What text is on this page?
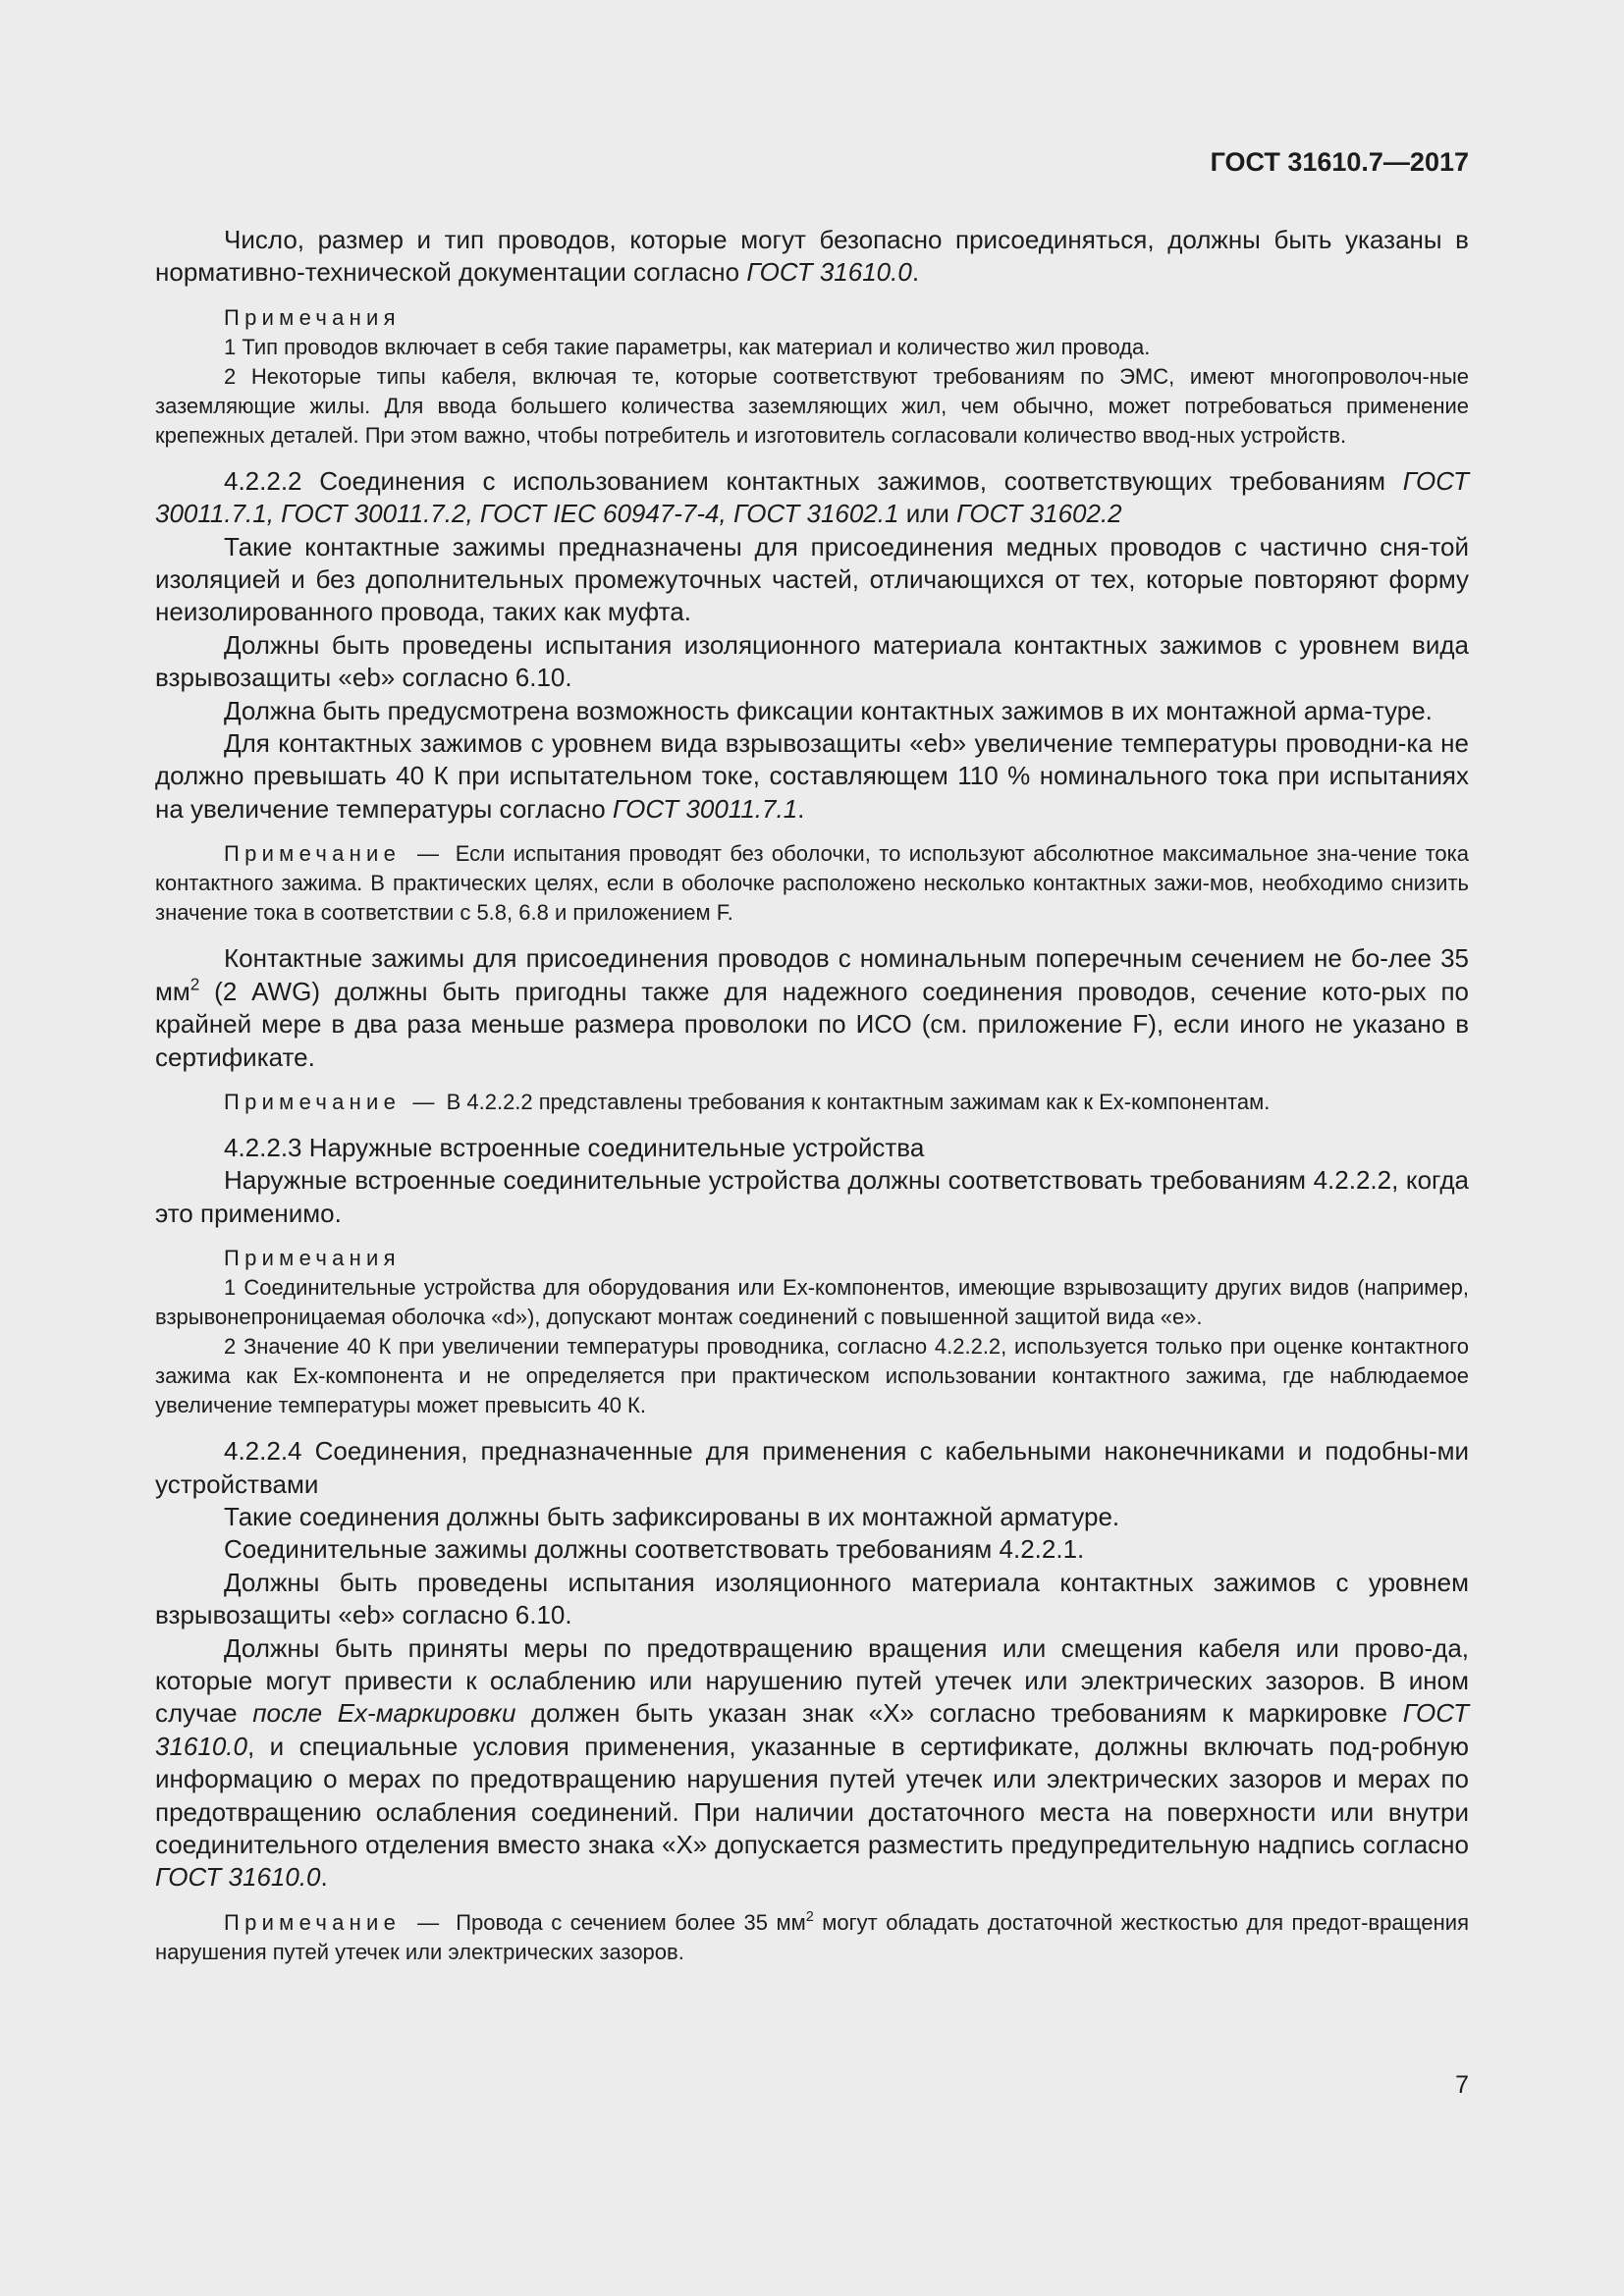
ГОСТ 31610.7—2017

Число, размер и тип проводов, которые могут безопасно присоединяться, должны быть указаны в нормативно-технической документации согласно ГОСТ 31610.0.

Примечания

1 Тип проводов включает в себя такие параметры, как материал и количество жил провода.

2 Некоторые типы кабеля, включая те, которые соответствуют требованиям по ЭМС, имеют многопроволоч-ные заземляющие жилы. Для ввода большего количества заземляющих жил, чем обычно, может потребоваться применение крепежных деталей. При этом важно, чтобы потребитель и изготовитель согласовали количество ввод-ных устройств.

4.2.2.2 Соединения с использованием контактных зажимов, соответствующих требованиям ГОСТ 30011.7.1, ГОСТ 30011.7.2, ГОСТ IEC 60947-7-4, ГОСТ 31602.1 или ГОСТ 31602.2

Такие контактные зажимы предназначены для присоединения медных проводов с частично сня-той изоляцией и без дополнительных промежуточных частей, отличающихся от тех, которые повторяют форму неизолированного провода, таких как муфта.

Должны быть проведены испытания изоляционного материала контактных зажимов с уровнем вида взрывозащиты «eb» согласно 6.10.

Должна быть предусмотрена возможность фиксации контактных зажимов в их монтажной арма-туре.

Для контактных зажимов с уровнем вида взрывозащиты «eb» увеличение температуры проводни-ка не должно превышать 40 К при испытательном токе, составляющем 110 % номинального тока при испытаниях на увеличение температуры согласно ГОСТ 30011.7.1.

Примечание  —  Если испытания проводят без оболочки, то используют абсолютное максимальное зна-чение тока контактного зажима. В практических целях, если в оболочке расположено несколько контактных зажи-мов, необходимо снизить значение тока в соответствии с 5.8, 6.8 и приложением F.

Контактные зажимы для присоединения проводов с номинальным поперечным сечением не бо-лее 35 $мм^2$ (2 AWG) должны быть пригодны также для надежного соединения проводов, сечение кото-рых по крайней мере в два раза меньше размера проволоки по ИСО (см. приложение F), если иного не указано в сертификате.

Примечание  —  В 4.2.2.2 представлены требования к контактным зажимам как к Ех-компонентам.

4.2.2.3 Наружные встроенные соединительные устройства

Наружные встроенные соединительные устройства должны соответствовать требованиям 4.2.2.2, когда это применимо.

Примечания

1 Соединительные устройства для оборудования или Ех-компонентов, имеющие взрывозащиту других видов (например, взрывонепроницаемая оболочка «d»), допускают монтаж соединений с повышенной защитой вида «е».

2 Значение 40 К при увеличении температуры проводника, согласно 4.2.2.2, используется только при оценке контактного зажима как Ех-компонента и не определяется при практическом использовании контактного зажима, где наблюдаемое увеличение температуры может превысить 40 К.

4.2.2.4 Соединения, предназначенные для применения с кабельными наконечниками и подобны-ми устройствами

Такие соединения должны быть зафиксированы в их монтажной арматуре.

Соединительные зажимы должны соответствовать требованиям 4.2.2.1.

Должны быть проведены испытания изоляционного материала контактных зажимов с уровнем взрывозащиты «eb» согласно 6.10.

Должны быть приняты меры по предотвращению вращения или смещения кабеля или прово-да, которые могут привести к ослаблению или нарушению путей утечек или электрических зазоров. В ином случае после Ех-маркировки должен быть указан знак «Х» согласно требованиям к маркировке ГОСТ 31610.0, и специальные условия применения, указанные в сертификате, должны включать под-робную информацию о мерах по предотвращению нарушения путей утечек или электрических зазоров и мерах по предотвращению ослабления соединений. При наличии достаточного места на поверхности или внутри соединительного отделения вместо знака «Х» допускается разместить предупредительную надпись согласно ГОСТ 31610.0.

Примечание  —  Провода с сечением более 35 $мм^2$ могут обладать достаточной жесткостью для предот-вращения нарушения путей утечек или электрических зазоров.

7
